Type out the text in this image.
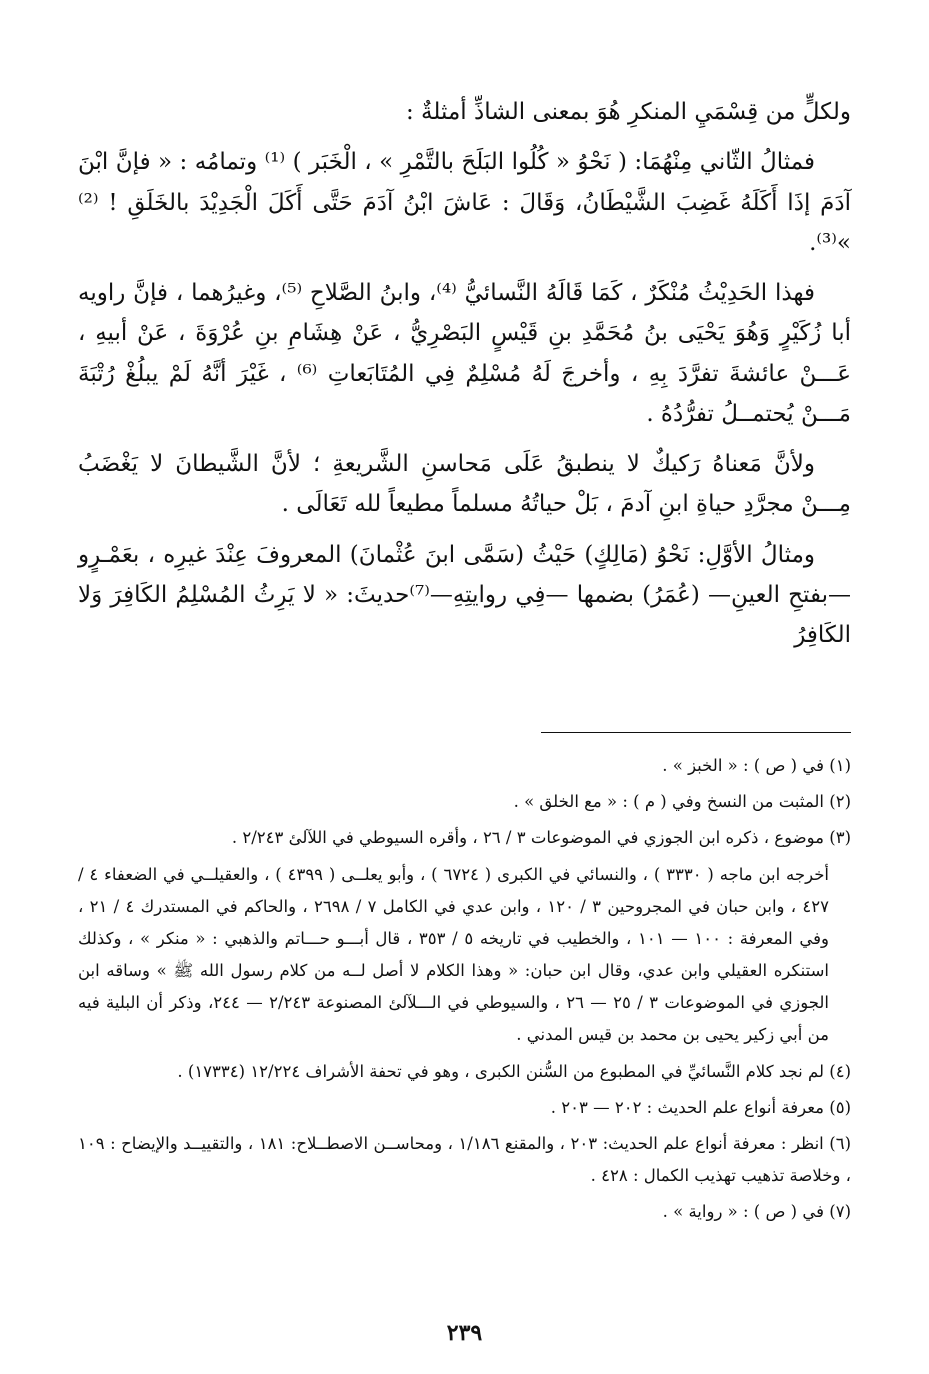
ولكلٍّ من قِسْمَيِ المنكرِ هُوَ بمعنى الشاذِّ أمثلةٌ :

فمثالُ الثّاني مِنْهُمَا: ( نَحْوُ « كُلُوا البَلَحَ بالتَّمْرِ » ، الْخَبَر ) ⁽¹⁾ وتمامُه : « فإنَّ ابْنَ آدَمَ إذَا أَكَلَهُ غَضِبَ الشَّيْطَانُ، وَقَالَ : عَاشَ ابْنُ آدَمَ حَتَّى أَكَلَ الْجَدِيْدَ بالخَلَقِ ! ⁽²⁾ »⁽³⁾.

فهذا الحَدِيْثُ مُنْكَرٌ ، كَمَا قَالَهُ النَّسائيُّ ⁽⁴⁾، وابنُ الصَّلاحِ ⁽⁵⁾، وغيرُهما ، فإنَّ راويه أبا زُكَيْرٍ وَهُوَ يَحْيَى بنُ مُحَمَّدِ بنِ قَيْسٍ البَصْرِيُّ ، عَنْ هِشَامِ بنِ عُرْوَةَ ، عَنْ أبيهِ ، عَـــنْ عائشةَ تفرَّدَ بِهِ ، وأخرجَ لَهُ مُسْلِمٌ فِي المُتَابَعاتِ ⁽⁶⁾ ، غَيْرَ أنَّهُ لَمْ يبلُغْ رُتْبَةَ مَـــنْ يُحتمــلُ تفرُّدُهُ .

ولأنَّ مَعناهُ رَكيكٌ لا ينطبقُ عَلَى مَحاسنِ الشَّريعةِ ؛ لأنَّ الشَّيطانَ لا يَغْضَبُ مِـــنْ مجرَّدِ حياةِ ابنِ آدمَ ، بَلْ حياتُهُ مسلماً مطيعاً لله تَعَالَى .

ومثالُ الأوَّلِ: نَحْوُ (مَالِكٍ) حَيْثُ (سَمَّى ابنَ عُثْمانَ) المعروفَ عِنْدَ غيرِه ، بعَمْـرٍو —بفتحِ العينِ— (عُمَرُ) بضمها —فِي روايتِهِ—⁽⁷⁾حديثَ: « لا يَرِثُ المُسْلِمُ الكَافِرَ وَلا الكَافِرُ

(١) في ( ص ) : « الخبز » .
(٢) المثبت من النسخ وفي ( م ) : « مع الخلق » .
(٣) موضوع ، ذكره ابن الجوزي في الموضوعات ٣ / ٢٦ ، وأقره السيوطي في اللآلئ ٢/٢٤٣ .
أخرجه ابن ماجه ( ٣٣٣٠ ) ، والنسائي في الكبرى ( ٦٧٢٤ ) ، وأبو يعلــى ( ٤٣٩٩ ) ، والعقيلــي في الضعفاء ٤ / ٤٢٧ ، وابن حبان في المجروحين ٣ / ١٢٠ ، وابن عدي في الكامل ٧ / ٢٦٩٨ ، والحاكم في المستدرك ٤ / ٢١ ، وفي المعرفة : ١٠٠ — ١٠١ ، والخطيب في تاريخه ٥ / ٣٥٣ ، قال أبـــو حـــاتم والذهبي : « منكر » ، وكذلك استنكره العقيلي وابن عدي، وقال ابن حبان: « وهذا الكلام لا أصل لــه من كلام رسول الله ﷺ » وساقه ابن الجوزي في الموضوعات ٣ / ٢٥ — ٢٦ ، والسيوطي في الـــلآلئ المصنوعة ٢/٢٤٣ — ٢٤٤، وذكر أن البلية فيه من أبي زكير يحيى بن محمد بن قيس المدني .
(٤) لم نجد كلام النَّسائيِّ في المطبوع من السُّنن الكبرى ، وهو في تحفة الأشراف ١٢/٢٢٤ (١٧٣٣٤) .
(٥) معرفة أنواع علم الحديث : ٢٠٢ — ٢٠٣ .
(٦) انظر : معرفة أنواع علم الحديث: ٢٠٣ ، والمقنع ١/١٨٦ ، ومحاســن الاصطــلاح: ١٨١ ، والتقييــد والإيضاح : ١٠٩ ، وخلاصة تذهيب تهذيب الكمال : ٤٢٨ .
(٧) في ( ص ) : « رواية » .
٢٣٩
